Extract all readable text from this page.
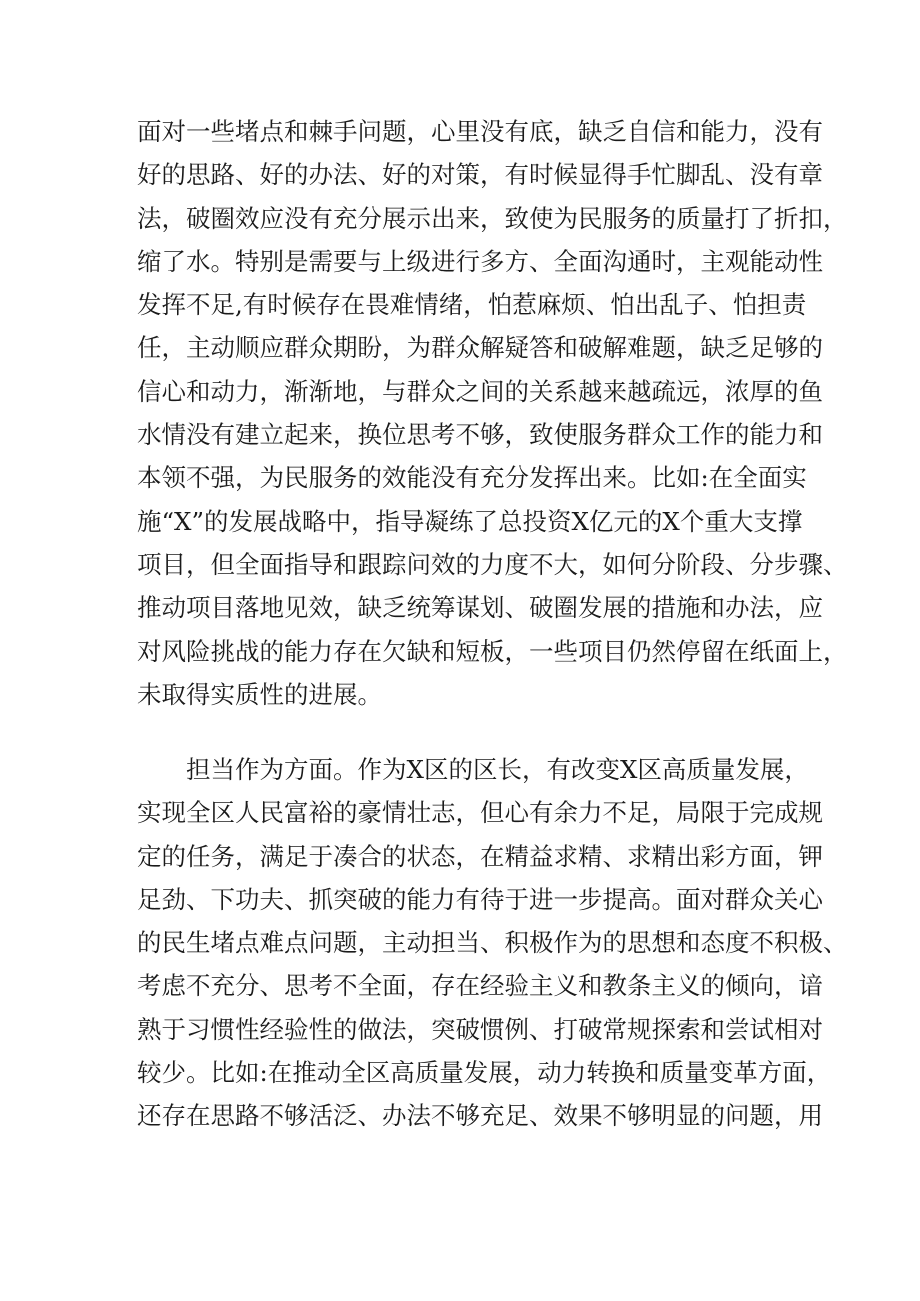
面对一些堵点和棘手问题，心里没有底，缺乏自信和能力，没有
好的思路、好的办法、好的对策，有时候显得手忙脚乱、没有章
法，破圈效应没有充分展示出来，致使为民服务的质量打了折扣，
缩了水。特别是需要与上级进行多方、全面沟通时，主观能动性
发挥不足,有时候存在畏难情绪，怕惹麻烦、怕出乱子、怕担责
任，主动顺应群众期盼，为群众解疑答和破解难题，缺乏足够的
信心和动力，渐渐地，与群众之间的关系越来越疏远，浓厚的鱼
水情没有建立起来，换位思考不够，致使服务群众工作的能力和
本领不强，为民服务的效能没有充分发挥出来。比如:在全面实
施“X”的发展战略中，指导凝练了总投资X亿元的X个重大支撑
项目，但全面指导和跟踪问效的力度不大，如何分阶段、分步骤、
推动项目落地见效，缺乏统筹谋划、破圈发展的措施和办法，应
对风险挑战的能力存在欠缺和短板，一些项目仍然停留在纸面上，
未取得实质性的进展。
担当作为方面。作为X区的区长，有改变X区高质量发展，
实现全区人民富裕的豪情壮志，但心有余力不足，局限于完成规
定的任务，满足于凑合的状态，在精益求精、求精出彩方面，钾
足劲、下功夫、抓突破的能力有待于进一步提高。面对群众关心
的民生堵点难点问题，主动担当、积极作为的思想和态度不积极、
考虑不充分、思考不全面，存在经验主义和教条主义的倾向，谙
熟于习惯性经验性的做法，突破惯例、打破常规探索和尝试相对
较少。比如:在推动全区高质量发展，动力转换和质量变革方面，
还存在思路不够活泛、办法不够充足、效果不够明显的问题，用
